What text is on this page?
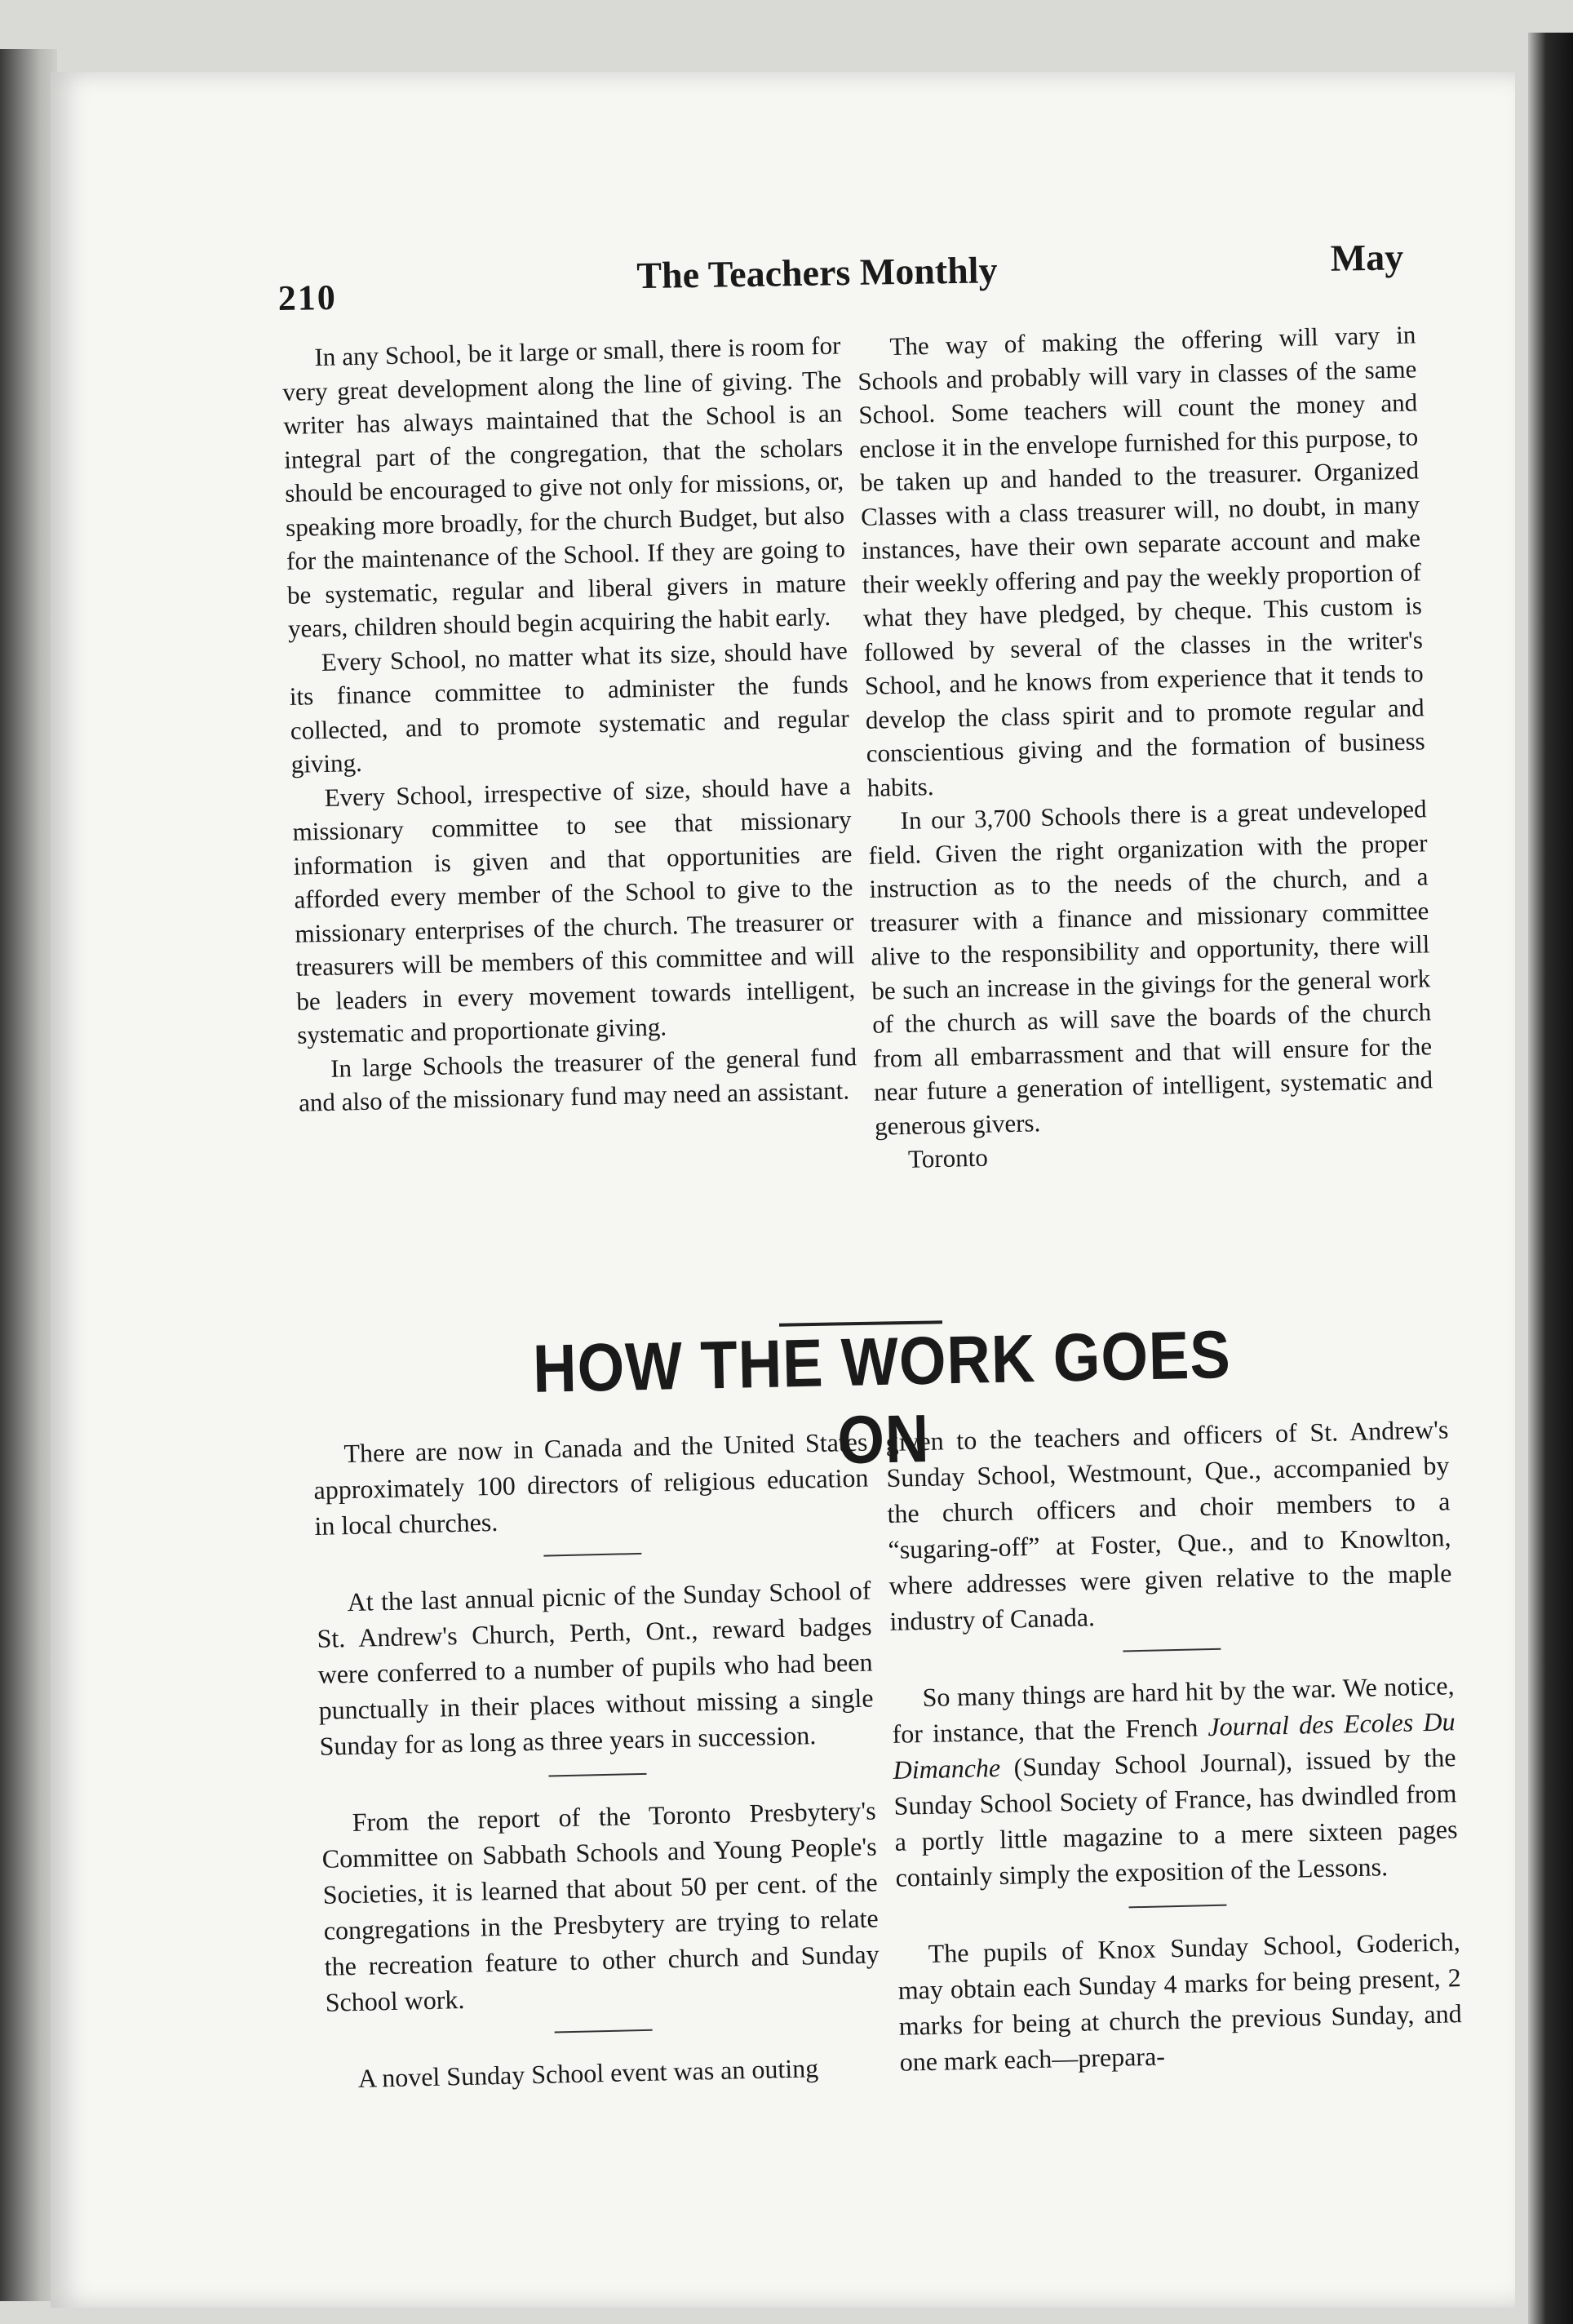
210
The Teachers Monthly	May

In any School, be it large or small, there is room for very great development along the line of giving. The writer has always maintained that the School is an integral part of the congregation, that the scholars should be encouraged to give not only for missions, or, speaking more broadly, for the church Budget, but also for the maintenance of the School. If they are going to be systematic, regular and liberal givers in mature years, children should begin acquiring the habit early.

Every School, no matter what its size, should have its finance committee to administer the funds collected, and to promote systematic and regular giving.

Every School, irrespective of size, should have a missionary committee to see that missionary information is given and that opportunities are afforded every member of the School to give to the missionary enterprises of the church. The treasurer or treasurers will be members of this committee and will be leaders in every movement towards intelligent, systematic and proportionate giving.

In large Schools the treasurer of the general fund and also of the missionary fund may need an assistant.

The way of making the offering will vary in Schools and probably will vary in classes of the same School. Some teachers will count the money and enclose it in the envelope furnished for this purpose, to be taken up and handed to the treasurer. Organized Classes with a class treasurer will, no doubt, in many instances, have their own separate account and make their weekly offering and pay the weekly proportion of what they have pledged, by cheque. This custom is followed by several of the classes in the writer's School, and he knows from experience that it tends to develop the class spirit and to promote regular and conscientious giving and the formation of business habits.

In our 3,700 Schools there is a great undeveloped field. Given the right organization with the proper instruction as to the needs of the church, and a treasurer with a finance and missionary committee alive to the responsibility and opportunity, there will be such an increase in the givings for the general work of the church as will save the boards of the church from all embarrassment and that will ensure for the near future a generation of intelligent, systematic and generous givers.

Toronto

HOW THE WORK GOES ON

There are now in Canada and the United States approximately 100 directors of religious education in local churches.

At the last annual picnic of the Sunday School of St. Andrew's Church, Perth, Ont., reward badges were conferred to a number of pupils who had been punctually in their places without missing a single Sunday for as long as three years in succession.

From the report of the Toronto Presbytery's Committee on Sabbath Schools and Young People's Societies, it is learned that about 50 per cent. of the congregations in the Presbytery are trying to relate the recreation feature to other church and Sunday School work.

A novel Sunday School event was an outing

given to the teachers and officers of St. Andrew's Sunday School, Westmount, Que., accompanied by the church officers and choir members to a “sugaring-off” at Foster, Que., and to Knowlton, where addresses were given relative to the maple industry of Canada.

So many things are hard hit by the war. We notice, for instance, that the French Journal des Ecoles Du Dimanche (Sunday School Journal), issued by the Sunday School Society of France, has dwindled from a portly little magazine to a mere sixteen pages containly simply the exposition of the Lessons.

The pupils of Knox Sunday School, Goderich, may obtain each Sunday 4 marks for being present, 2 marks for being at church the previous Sunday, and one mark each—prepara-
